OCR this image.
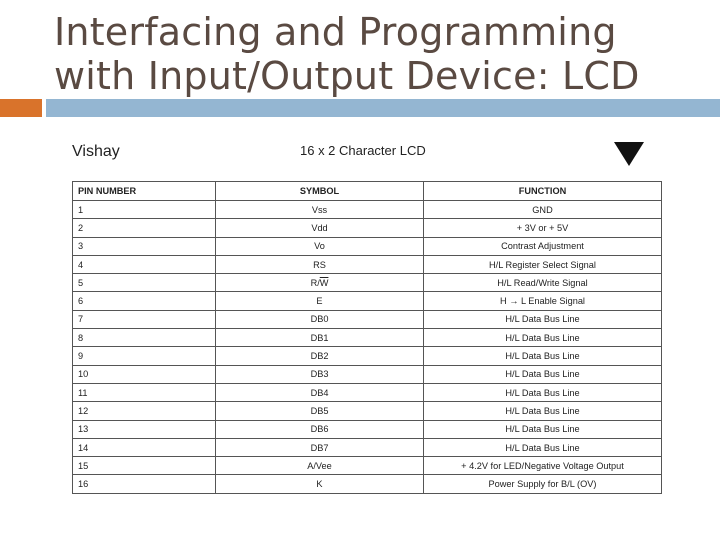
Interfacing and Programming
with Input/Output Device: LCD
Vishay	16 x 2 Character LCD
PIN NUMBER	SYMBOL	FUNCTION
1	Vss	GND
2	Vdd	+ 3V or + 5V
3	Vo	Contrast Adjustment
4	RS	H/L Register Select Signal
5	$R/\overline{W}$	H/L Read/Write Signal
6	E	H → L Enable Signal
7	DB0	H/L Data Bus Line
8	DB1	H/L Data Bus Line
9	DB2	H/L Data Bus Line
10	DB3	H/L Data Bus Line
11	DB4	H/L Data Bus Line
12	DB5	H/L Data Bus Line
13	DB6	H/L Data Bus Line
14	DB7	H/L Data Bus Line
15	A/Vee	+ 4.2V for LED/Negative Voltage Output
16	K	Power Supply for B/L (OV)
